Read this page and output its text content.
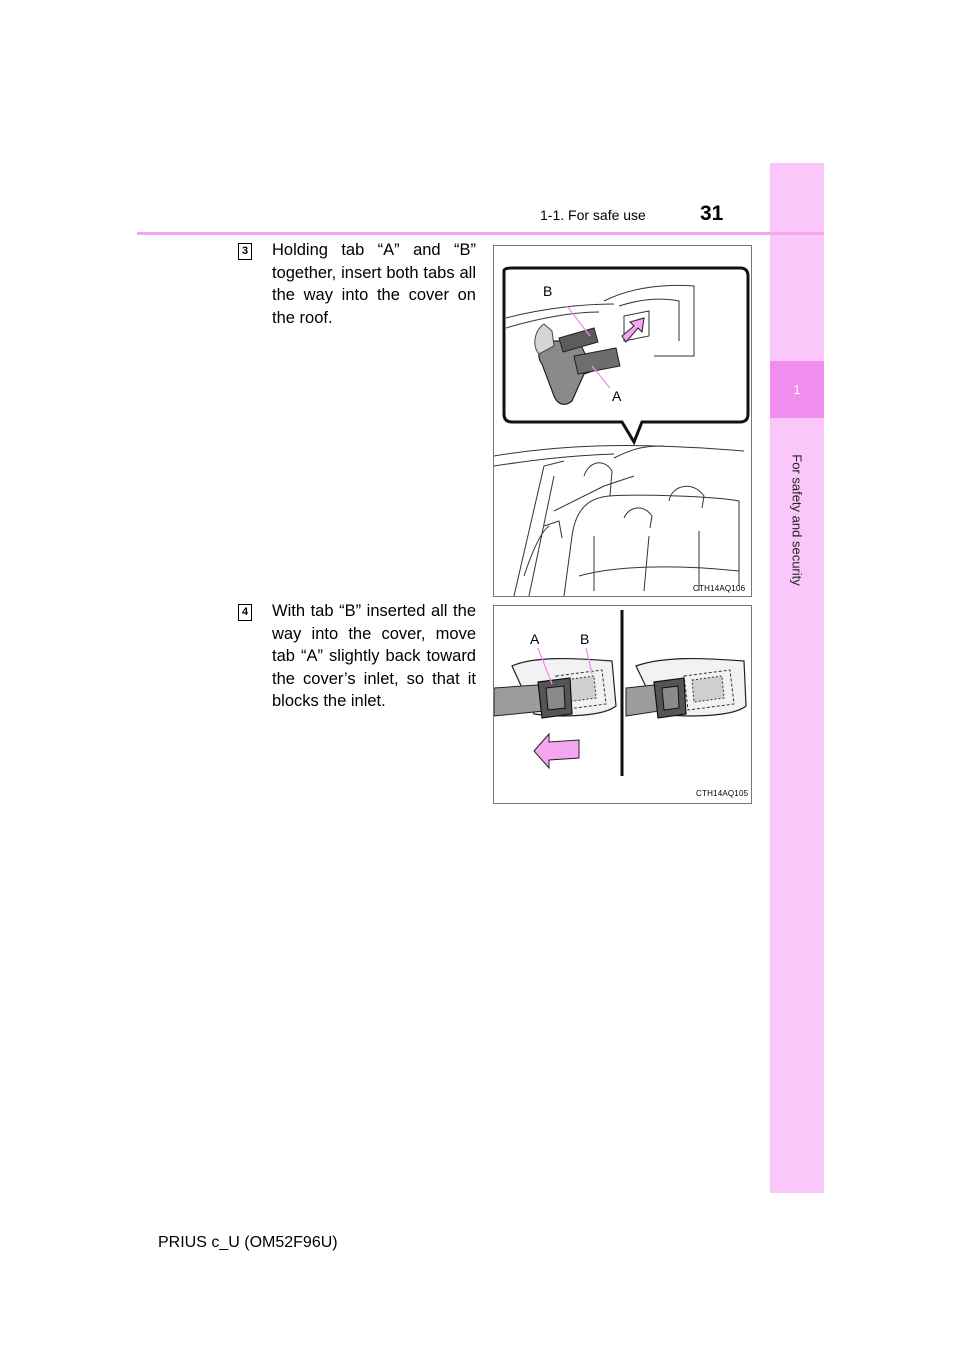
1
For safety and security
1-1. For safe use	31
3 Holding tab “A” and “B” together, insert both tabs all the way into the cover on the roof.
B
A
CTH14AQ106
4 With tab “B” inserted all the way into the cover, move tab “A” slightly back toward the cover’s inlet, so that it blocks the inlet.
A	B
CTH14AQ105
PRIUS c_U (OM52F96U)
